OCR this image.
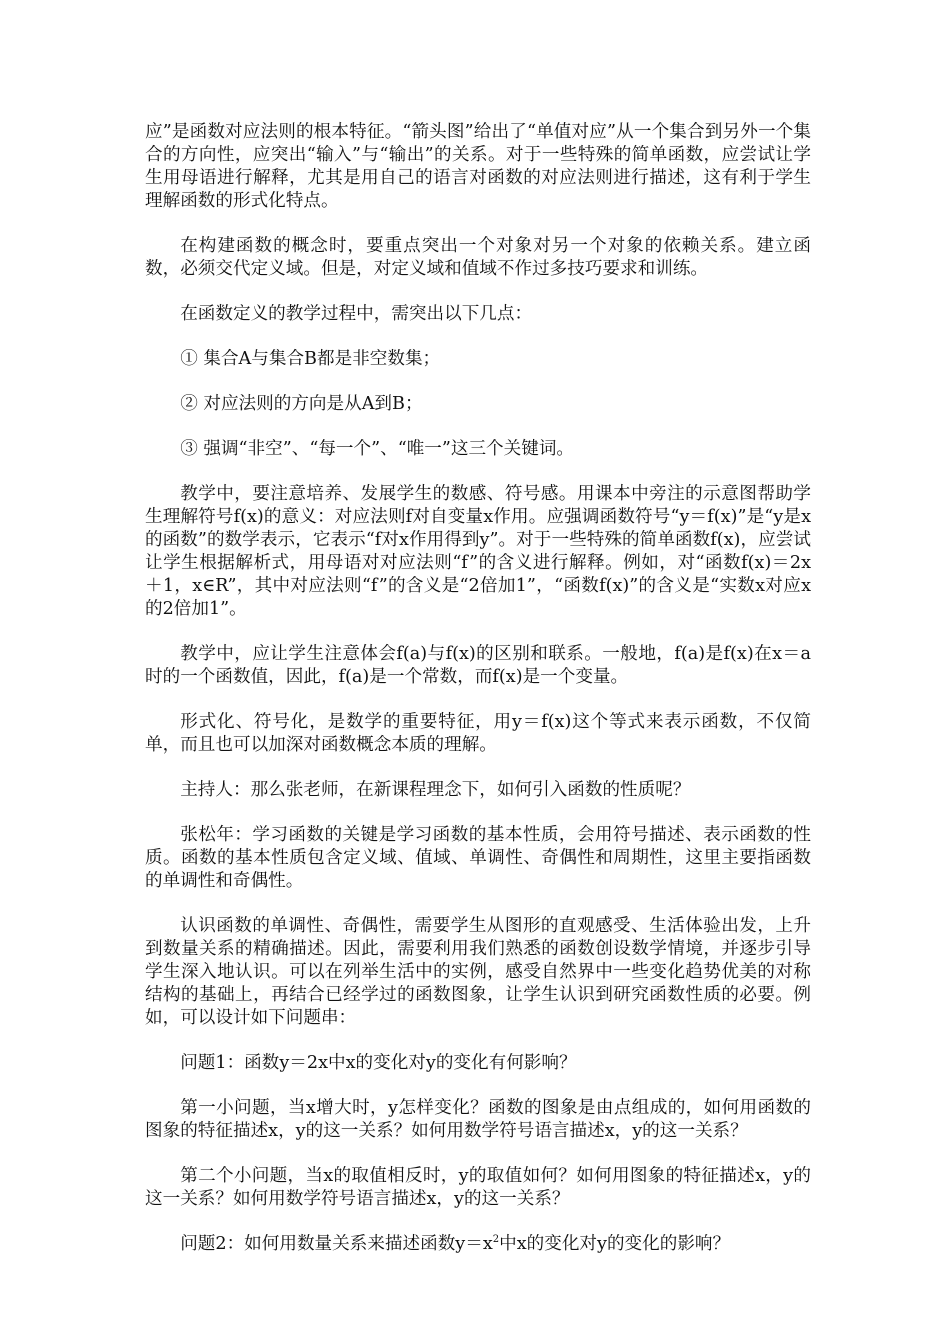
应”是函数对应法则的根本特征。“箭头图”给出了“单值对应”从一个集合到另外一个集合的方向性，应突出“输入”与“输出”的关系。对于一些特殊的简单函数，应尝试让学生用母语进行解释，尤其是用自己的语言对函数的对应法则进行描述，这有利于学生理解函数的形式化特点。

在构建函数的概念时，要重点突出一个对象对另一个对象的依赖关系。建立函数，必须交代定义域。但是，对定义域和值域不作过多技巧要求和训练。

在函数定义的教学过程中，需突出以下几点：

① 集合A与集合B都是非空数集；

② 对应法则的方向是从A到B；

③ 强调“非空”、“每一个”、“唯一”这三个关键词。

教学中，要注意培养、发展学生的数感、符号感。用课本中旁注的示意图帮助学生理解符号f(x)的意义：对应法则f对自变量x作用。应强调函数符号“y＝f(x)”是“y是x的函数”的数学表示，它表示“f对x作用得到y”。对于一些特殊的简单函数f(x)，应尝试让学生根据解析式，用母语对对应法则“f”的含义进行解释。例如，对“函数f(x)＝2x＋1，x∈R”，其中对应法则“f”的含义是“2倍加1”，“函数f(x)”的含义是“实数x对应x的2倍加1”。

教学中，应让学生注意体会f(a)与f(x)的区别和联系。一般地，f(a)是f(x)在x＝a时的一个函数值，因此，f(a)是一个常数，而f(x)是一个变量。

形式化、符号化，是数学的重要特征，用y＝f(x)这个等式来表示函数，不仅简单，而且也可以加深对函数概念本质的理解。

主持人：那么张老师，在新课程理念下，如何引入函数的性质呢？

张松年：学习函数的关键是学习函数的基本性质，会用符号描述、表示函数的性质。函数的基本性质包含定义域、值域、单调性、奇偶性和周期性，这里主要指函数的单调性和奇偶性。

认识函数的单调性、奇偶性，需要学生从图形的直观感受、生活体验出发，上升到数量关系的精确描述。因此，需要利用我们熟悉的函数创设数学情境，并逐步引导学生深入地认识。可以在列举生活中的实例，感受自然界中一些变化趋势优美的对称结构的基础上，再结合已经学过的函数图象，让学生认识到研究函数性质的必要。例如，可以设计如下问题串：

问题1：函数y＝2x中x的变化对y的变化有何影响？

第一小问题，当x增大时，y怎样变化？函数的图象是由点组成的，如何用函数的图象的特征描述x，y的这一关系？如何用数学符号语言描述x，y的这一关系？

第二个小问题，当x的取值相反时，y的取值如何？如何用图象的特征描述x，y的这一关系？如何用数学符号语言描述x，y的这一关系？

问题2：如何用数量关系来描述函数$y=x^2$中x的变化对y的变化的影响？
